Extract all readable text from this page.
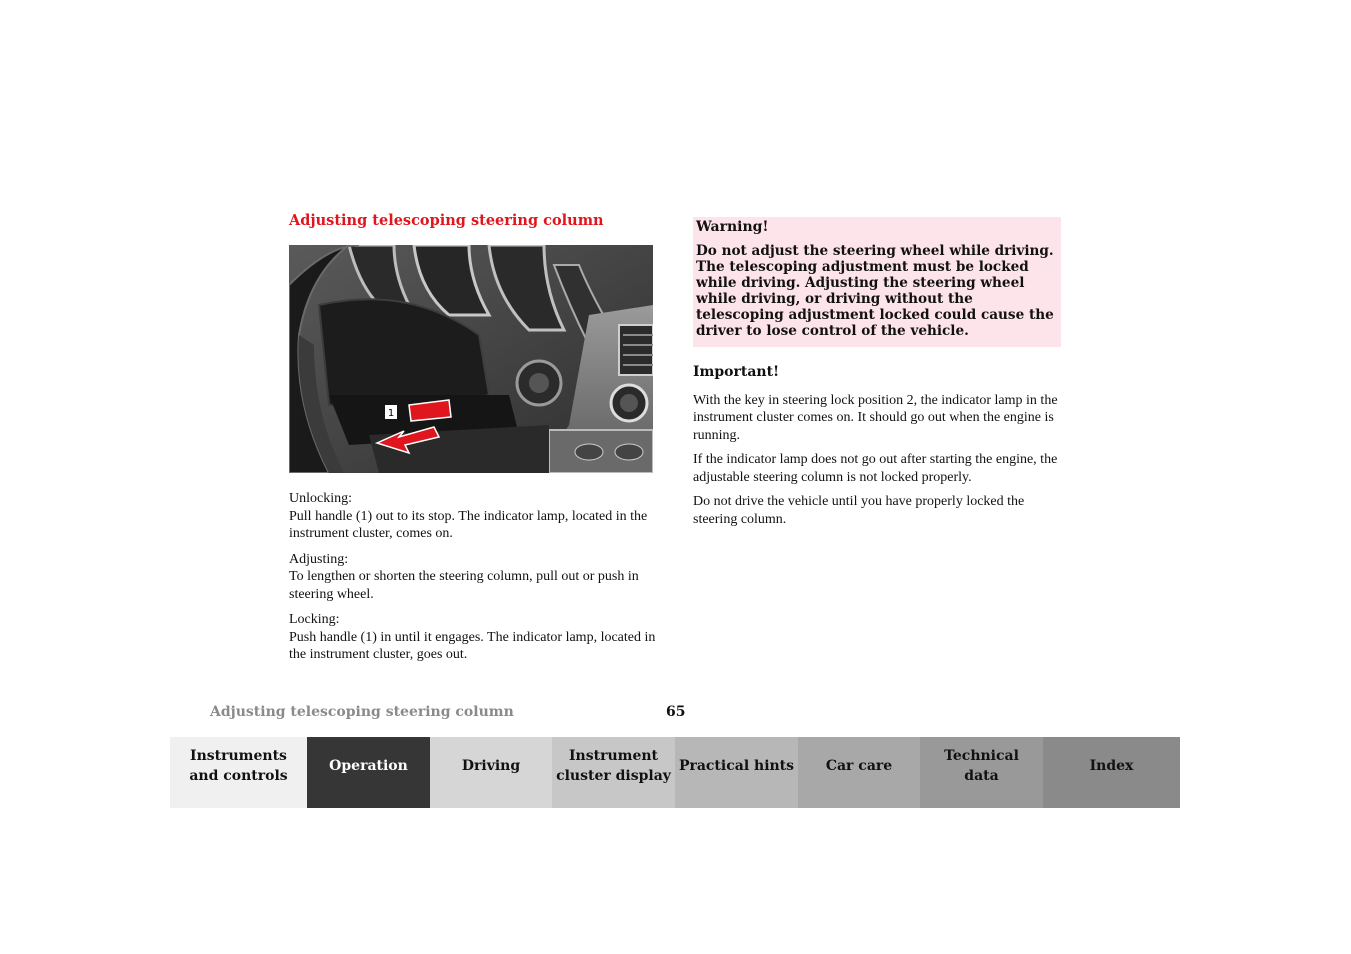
Adjusting telescoping steering column
1

Unlocking:
Pull handle (1) out to its stop. The indicator lamp, located in the instrument cluster, comes on.

Adjusting:
To lengthen or shorten the steering column, pull out or push in steering wheel.

Locking:
Push handle (1) in until it engages. The indicator lamp, located in the instrument cluster, goes out.

Warning!

Do not adjust the steering wheel while driving. The telescoping adjustment must be locked while driving. Adjusting the steering wheel while driving, or driving without the telescoping adjustment locked could cause the driver to lose control of the vehicle.

Important!

With the key in steering lock position 2, the indicator lamp in the instrument cluster comes on. It should go out when the engine is running.

If the indicator lamp does not go out after starting the engine, the adjustable steering column is not locked properly.

Do not drive the vehicle until you have properly locked the steering column.

Adjusting telescoping steering column	65
Instruments
and controls
Operation	Driving
Instrument
cluster display
Practical hints Car care
Technical
data
Index
